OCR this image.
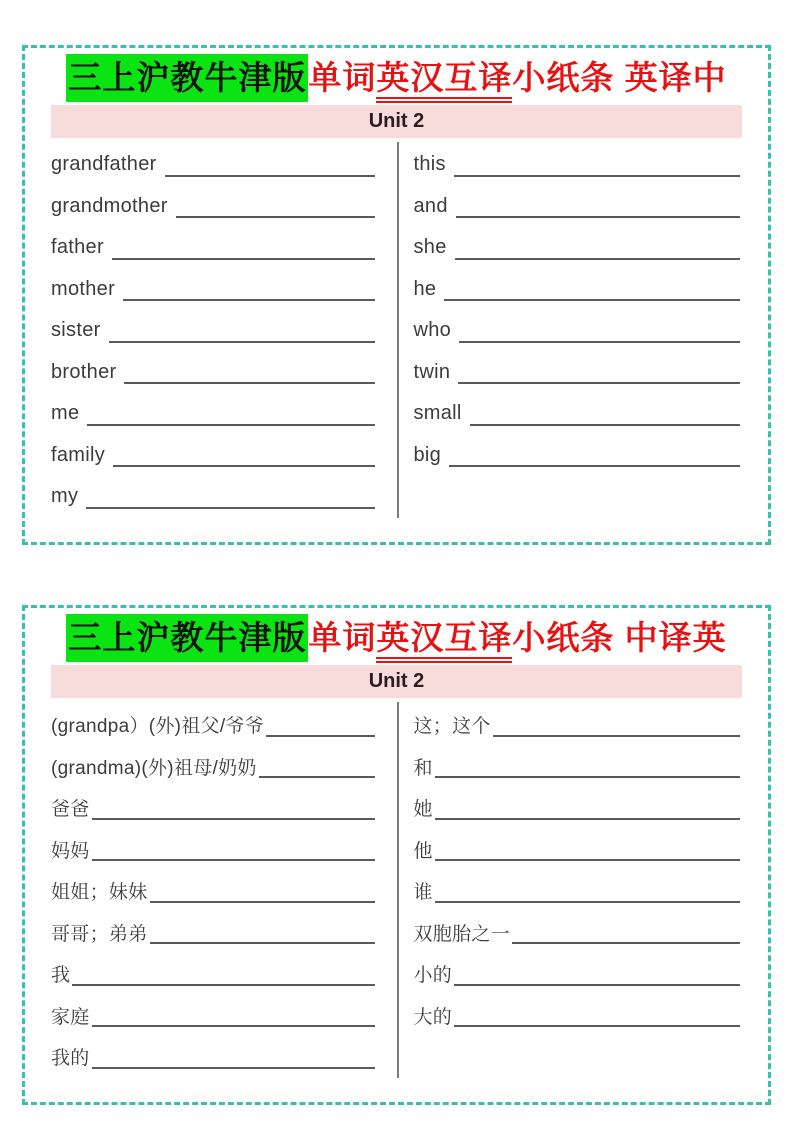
三上沪教牛津版单词英汉互译小纸条 英译中
Unit 2
grandfather
grandmother
father
mother
sister
brother
me
family
my
this
and
she
he
who
twin
small
big
三上沪教牛津版单词英汉互译小纸条 中译英
Unit 2
(grandpa）(外)祖父/爷爷
(grandma)(外)祖母/奶奶
爸爸
妈妈
姐姐；妹妹
哥哥；弟弟
我
家庭
我的
这；这个
和
她
他
谁
双胞胎之一
小的
大的
